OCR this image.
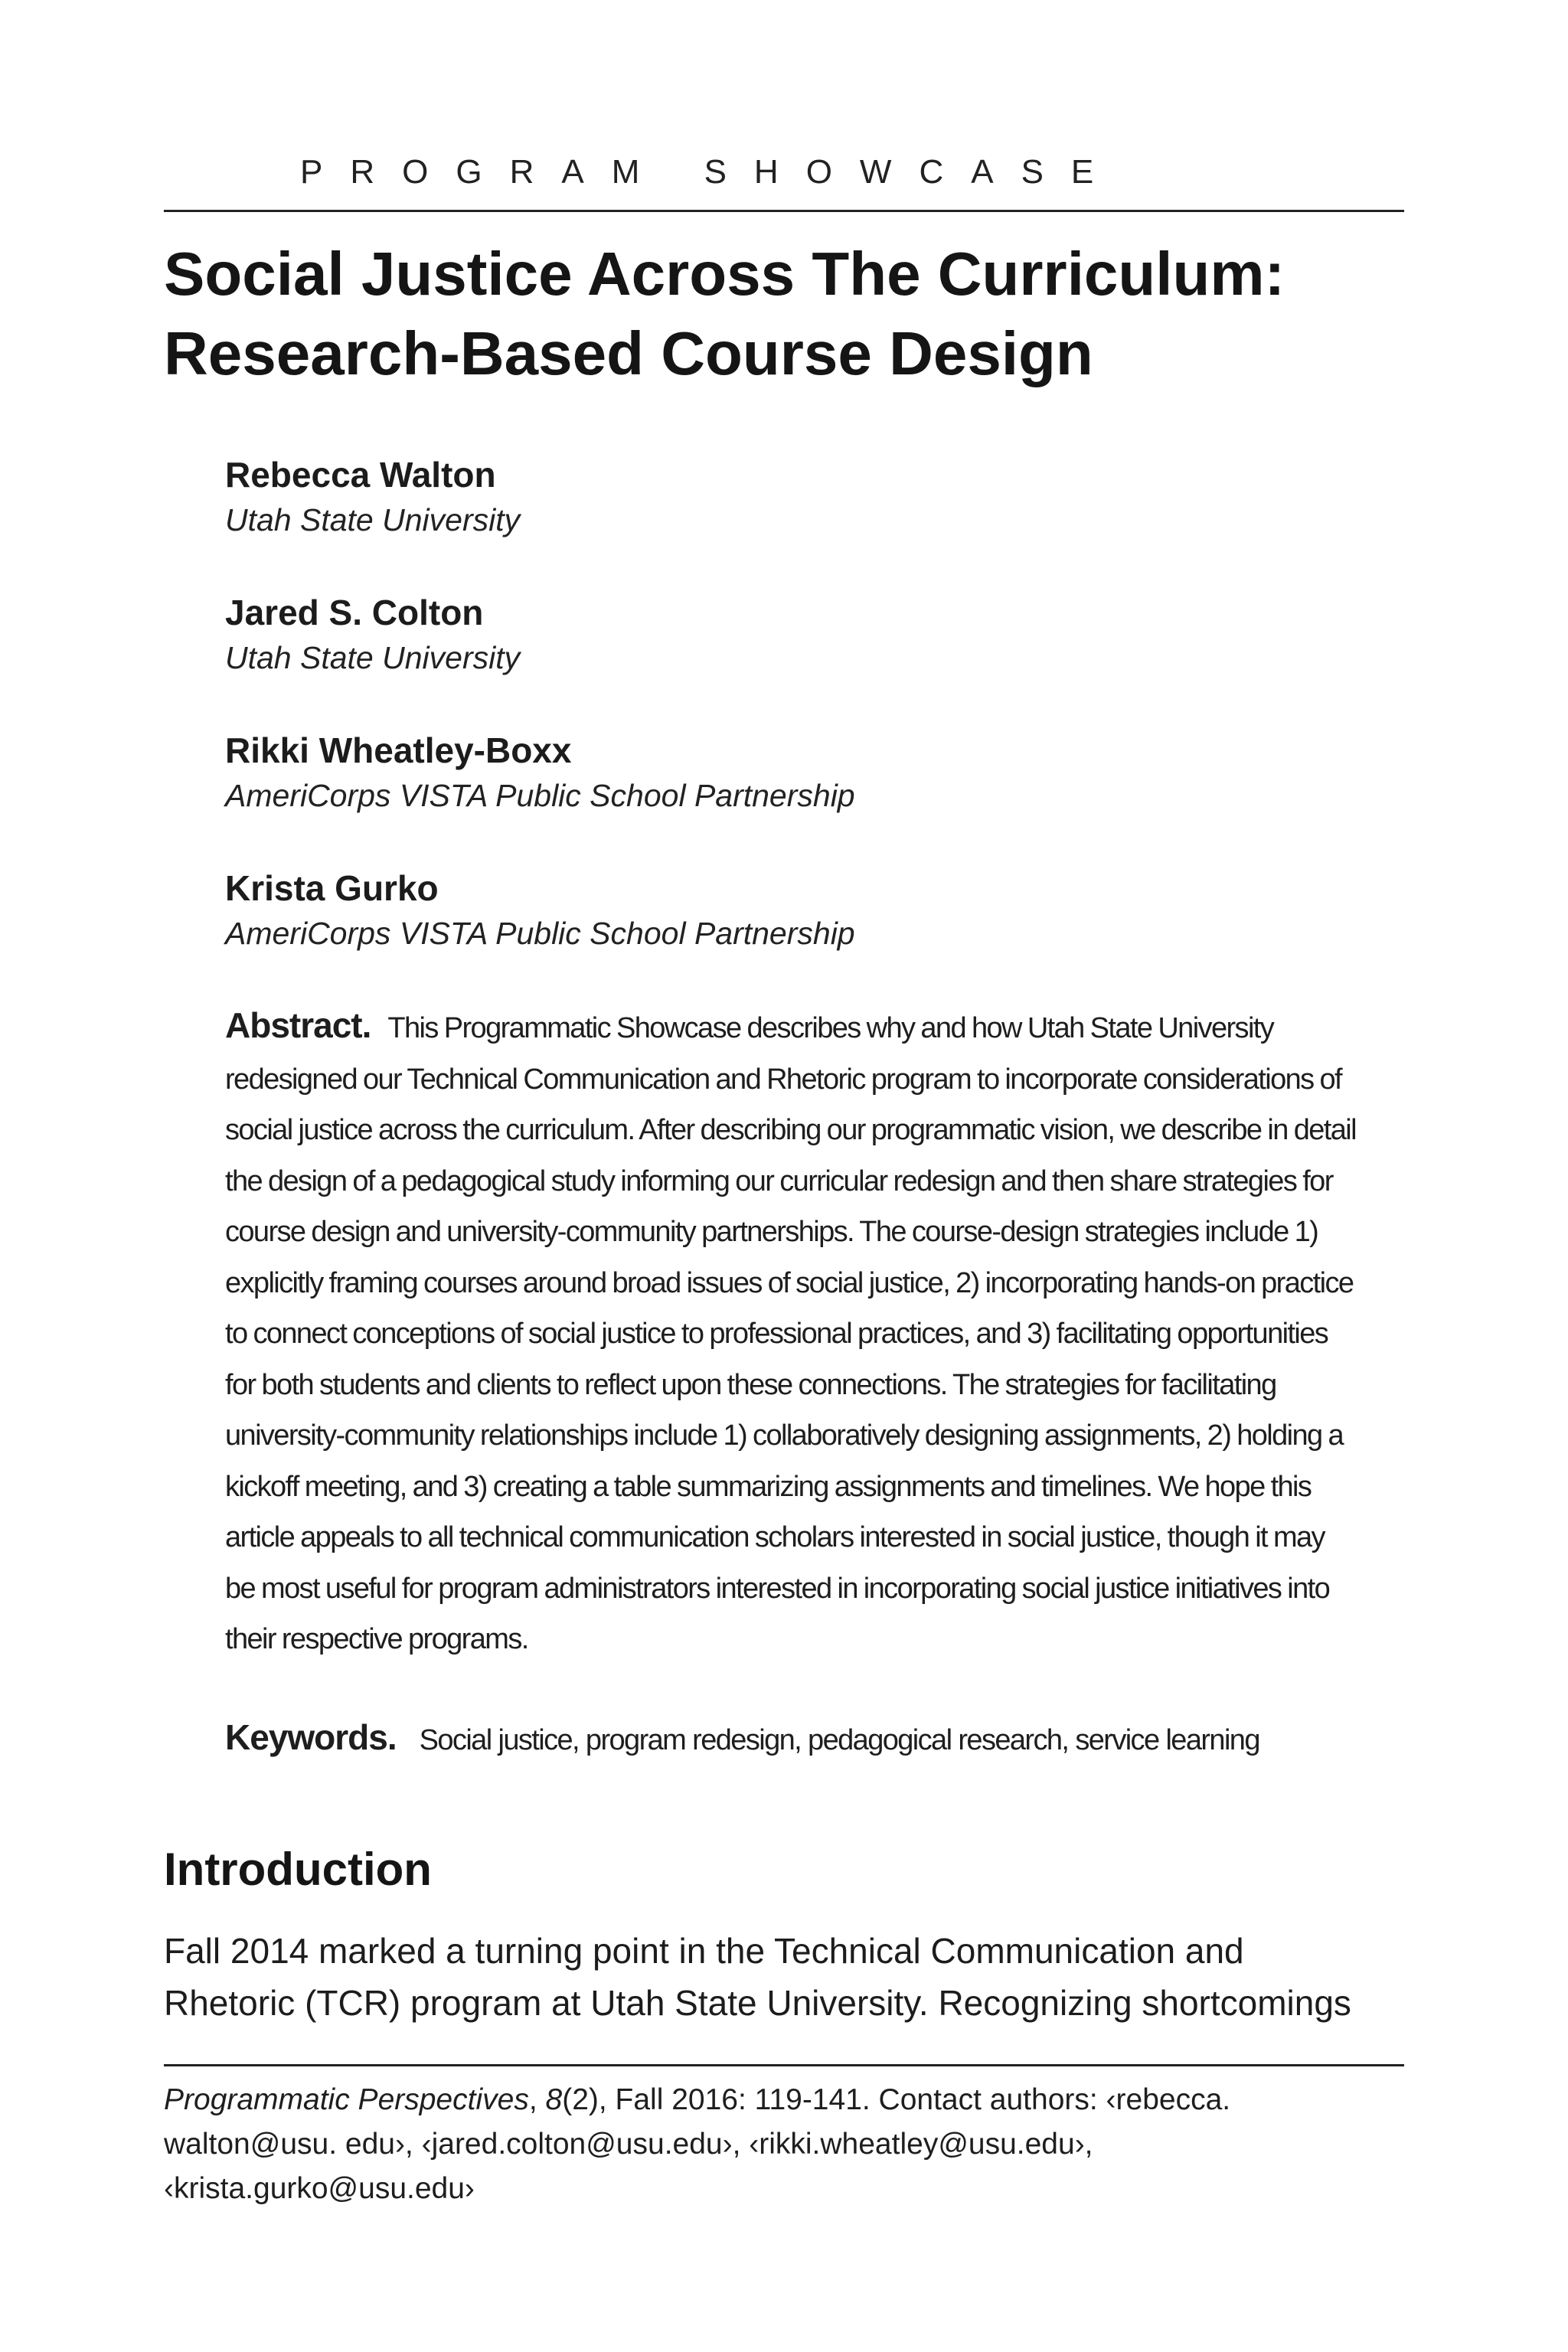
PROGRAM SHOWCASE
Social Justice Across The Curriculum:
Research-Based Course Design
Rebecca Walton
Utah State University
Jared S. Colton
Utah State University
Rikki Wheatley-Boxx
AmeriCorps VISTA Public School Partnership
Krista Gurko
AmeriCorps VISTA Public School Partnership
Abstract. This Programmatic Showcase describes why and how Utah State University
redesigned our Technical Communication and Rhetoric program to incorporate considerations of
social justice across the curriculum. After describing our programmatic vision, we describe in detail
the design of a pedagogical study informing our curricular redesign and then share strategies for
course design and university-community partnerships. The course-design strategies include 1)
explicitly framing courses around broad issues of social justice, 2) incorporating hands-on practice
to connect conceptions of social justice to professional practices, and 3) facilitating opportunities
for both students and clients to reflect upon these connections. The strategies for facilitating
university-community relationships include 1) collaboratively designing assignments, 2) holding a
kickoff meeting, and 3) creating a table summarizing assignments and timelines. We hope this
article appeals to all technical communication scholars interested in social justice, though it may
be most useful for program administrators interested in incorporating social justice initiatives into
their respective programs.
Keywords. Social justice, program redesign, pedagogical research, service learning
Introduction
Fall 2014 marked a turning point in the Technical Communication and
Rhetoric (TCR) program at Utah State University. Recognizing shortcomings
Programmatic Perspectives, 8(2), Fall 2016: 119-141. Contact authors: ‹rebecca.
walton@usu. edu›, ‹jared.colton@usu.edu›, ‹rikki.wheatley@usu.edu›,
‹krista.gurko@usu.edu›
